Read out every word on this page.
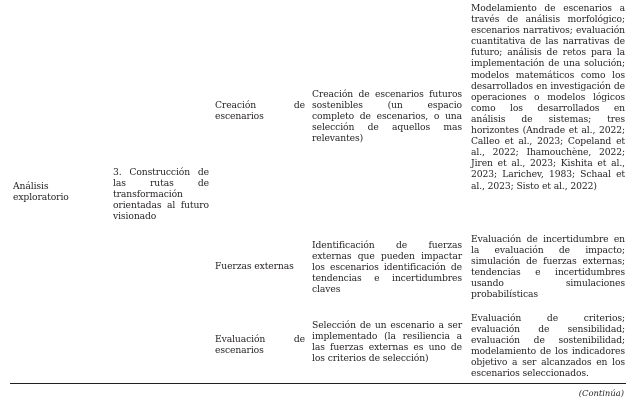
Análisis exploratorio
3. Construcción de las rutas de transformación orientadas al futuro visionado
Creación de escenarios
Creación de escenarios futuros sostenibles (un espacio completo de escenarios, o una selección de aquellos mas relevantes)
Modelamiento de escenarios a través de análisis morfológico; escenarios narrativos; evaluación cuantitativa de las narrativas de futuro; análisis de retos para la implementación de una solución; modelos matemáticos como los desarrollados en investigación de operaciones o modelos lógicos como los desarrollados en análisis de sistemas; tres horizontes (Andrade et al., 2022; Calleo et al., 2023; Copeland et al., 2022; Ihamouchène, 2022; Jiren et al., 2023; Kishita et al., 2023; Larichev, 1983; Schaal et al., 2023; Sisto et al., 2022)
Fuerzas externas
Identificación de fuerzas externas que pueden impactar los escenarios identificación de tendencias e incertidumbres claves
Evaluación de incertidumbre en la evaluación de impacto; simulación de fuerzas externas; tendencias e incertidumbres usando simulaciones probabilísticas
Evaluación de escenarios
Selección de un escenario a ser implementado (la resiliencia a las fuerzas externas es uno de los criterios de selección)
Evaluación de criterios; evaluación de sensibilidad; evaluación de sostenibilidad; modelamiento de los indicadores objetivo a ser alcanzados en los escenarios seleccionados.
(Continúa)
